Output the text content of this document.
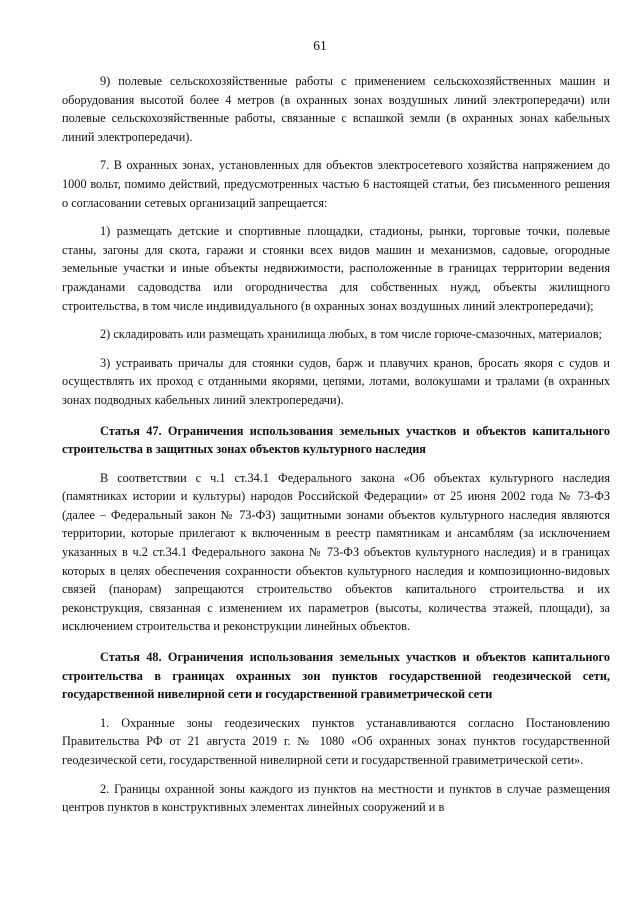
61

9) полевые сельскохозяйственные работы с применением сельскохозяйственных машин и оборудования высотой более 4 метров (в охранных зонах воздушных линий электропередачи) или полевые сельскохозяйственные работы, связанные с вспашкой земли (в охранных зонах кабельных линий электропередачи).

7. В охранных зонах, установленных для объектов электросетевого хозяйства напряжением до 1000 вольт, помимо действий, предусмотренных частью 6 настоящей статьи, без письменного решения о согласовании сетевых организаций запрещается:

1) размещать детские и спортивные площадки, стадионы, рынки, торговые точки, полевые станы, загоны для скота, гаражи и стоянки всех видов машин и механизмов, садовые, огородные земельные участки и иные объекты недвижимости, расположенные в границах территории ведения гражданами садоводства или огородничества для собственных нужд, объекты жилищного строительства, в том числе индивидуального (в охранных зонах воздушных линий электропередачи);

2) складировать или размещать хранилища любых, в том числе горюче-смазочных, материалов;

3) устраивать причалы для стоянки судов, барж и плавучих кранов, бросать якоря с судов и осуществлять их проход с отданными якорями, цепями, лотами, волокушами и тралами (в охранных зонах подводных кабельных линий электропередачи).

Статья 47. Ограничения использования земельных участков и объектов капитального строительства в защитных зонах объектов культурного наследия

В соответствии с ч.1 ст.34.1 Федерального закона «Об объектах культурного наследия (памятниках истории и культуры) народов Российской Федерации» от 25 июня 2002 года № 73-ФЗ (далее – Федеральный закон № 73-ФЗ) защитными зонами объектов культурного наследия являются территории, которые прилегают к включенным в реестр памятникам и ансамблям (за исключением указанных в ч.2 ст.34.1 Федерального закона № 73-ФЗ объектов культурного наследия) и в границах которых в целях обеспечения сохранности объектов культурного наследия и композиционно-видовых связей (панорам) запрещаются строительство объектов капитального строительства и их реконструкция, связанная с изменением их параметров (высоты, количества этажей, площади), за исключением строительства и реконструкции линейных объектов.

Статья 48. Ограничения использования земельных участков и объектов капитального строительства в границах охранных зон пунктов государственной геодезической сети, государственной нивелирной сети и государственной гравиметрической сети

1. Охранные зоны геодезических пунктов устанавливаются согласно Постановлению Правительства РФ от 21 августа 2019 г. № 1080 «Об охранных зонах пунктов государственной геодезической сети, государственной нивелирной сети и государственной гравиметрической сети».

2. Границы охранной зоны каждого из пунктов на местности и пунктов в случае размещения центров пунктов в конструктивных элементах линейных сооружений и в
